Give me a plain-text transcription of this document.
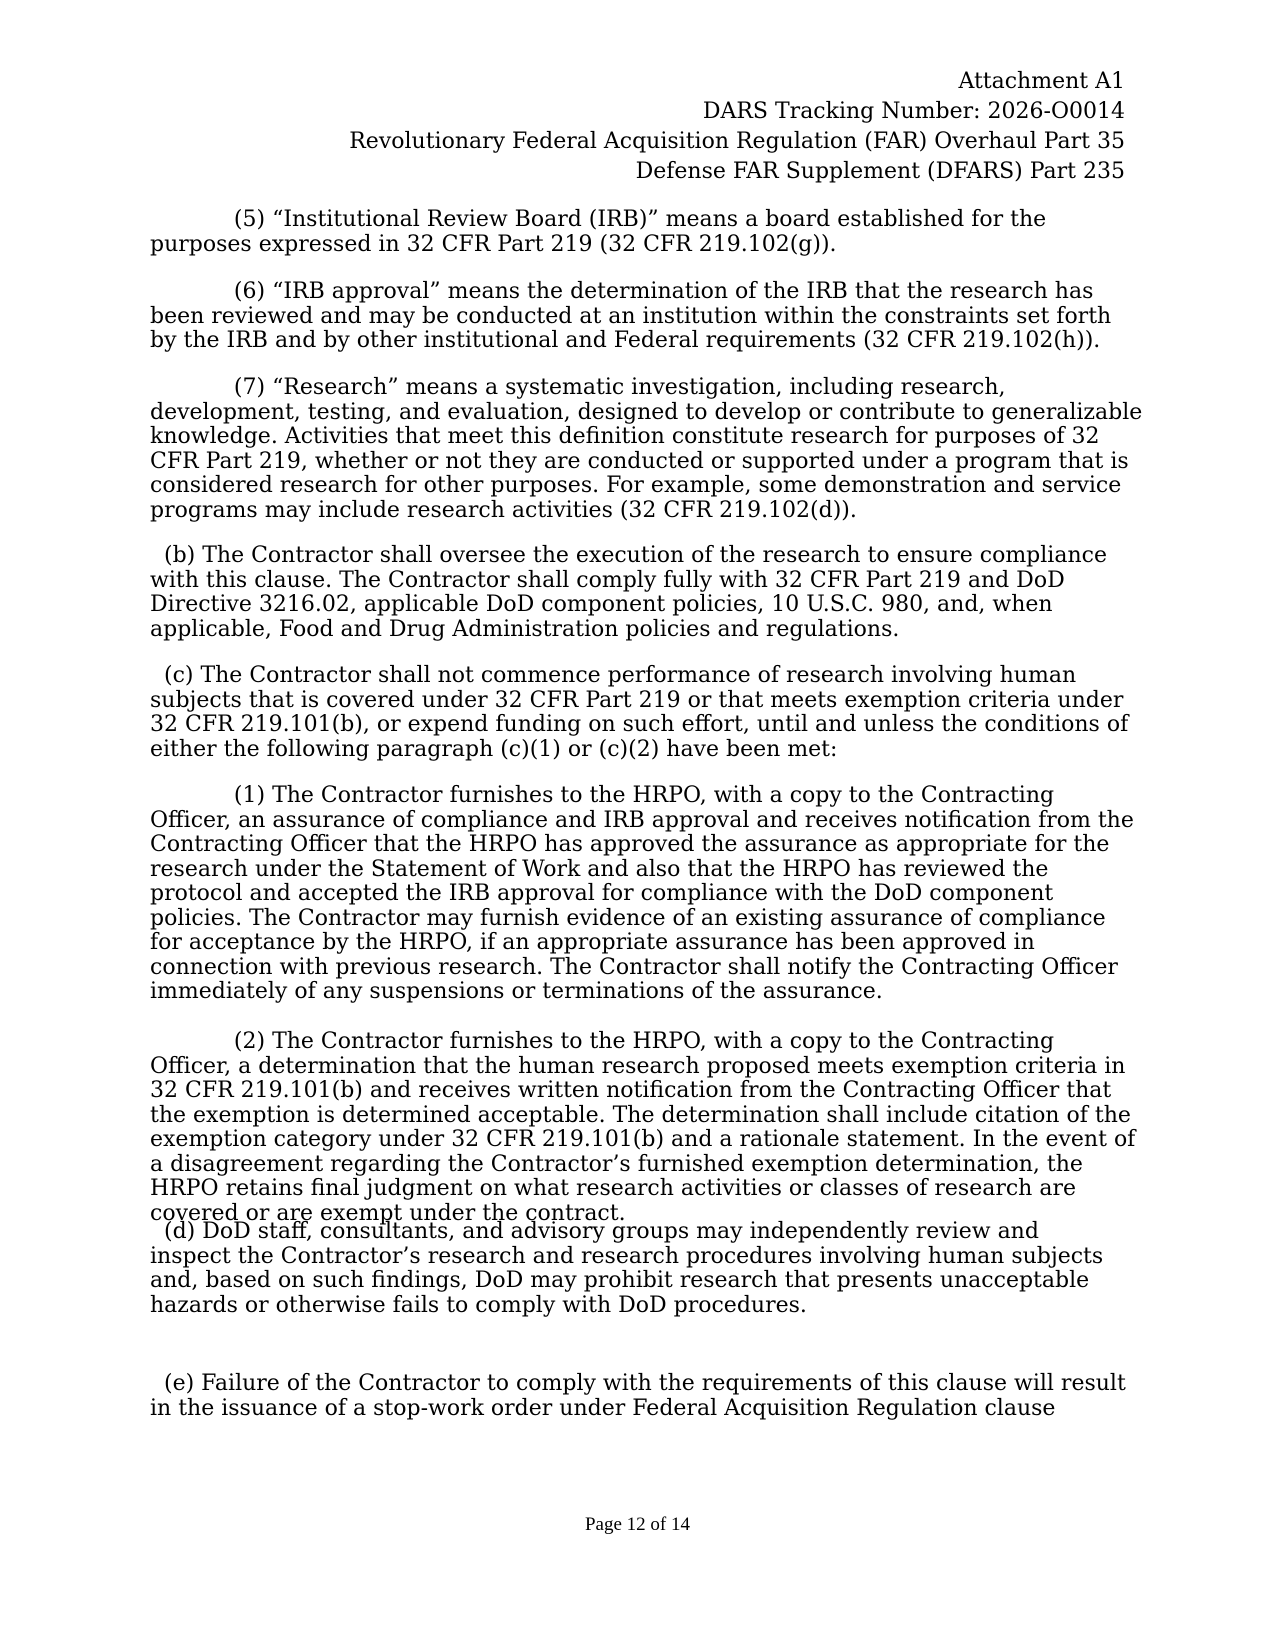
Attachment A1
DARS Tracking Number: 2026-O0014
Revolutionary Federal Acquisition Regulation (FAR) Overhaul Part 35
Defense FAR Supplement (DFARS) Part 235
(5) “Institutional Review Board (IRB)” means a board established for the
purposes expressed in 32 CFR Part 219 (32 CFR 219.102(g)).
(6) “IRB approval” means the determination of the IRB that the research has
been reviewed and may be conducted at an institution within the constraints set forth
by the IRB and by other institutional and Federal requirements (32 CFR 219.102(h)).
(7) “Research” means a systematic investigation, including research,
development, testing, and evaluation, designed to develop or contribute to generalizable
knowledge. Activities that meet this definition constitute research for purposes of 32
CFR Part 219, whether or not they are conducted or supported under a program that is
considered research for other purposes. For example, some demonstration and service
programs may include research activities (32 CFR 219.102(d)).
(b) The Contractor shall oversee the execution of the research to ensure compliance
with this clause. The Contractor shall comply fully with 32 CFR Part 219 and DoD
Directive 3216.02, applicable DoD component policies, 10 U.S.C. 980, and, when
applicable, Food and Drug Administration policies and regulations.
(c) The Contractor shall not commence performance of research involving human
subjects that is covered under 32 CFR Part 219 or that meets exemption criteria under
32 CFR 219.101(b), or expend funding on such effort, until and unless the conditions of
either the following paragraph (c)(1) or (c)(2) have been met:
(1) The Contractor furnishes to the HRPO, with a copy to the Contracting
Officer, an assurance of compliance and IRB approval and receives notification from the
Contracting Officer that the HRPO has approved the assurance as appropriate for the
research under the Statement of Work and also that the HRPO has reviewed the
protocol and accepted the IRB approval for compliance with the DoD component
policies. The Contractor may furnish evidence of an existing assurance of compliance
for acceptance by the HRPO, if an appropriate assurance has been approved in
connection with previous research. The Contractor shall notify the Contracting Officer
immediately of any suspensions or terminations of the assurance.
(2) The Contractor furnishes to the HRPO, with a copy to the Contracting
Officer, a determination that the human research proposed meets exemption criteria in
32 CFR 219.101(b) and receives written notification from the Contracting Officer that
the exemption is determined acceptable. The determination shall include citation of the
exemption category under 32 CFR 219.101(b) and a rationale statement. In the event of
a disagreement regarding the Contractor’s furnished exemption determination, the
HRPO retains final judgment on what research activities or classes of research are
covered or are exempt under the contract.
(d) DoD staff, consultants, and advisory groups may independently review and
inspect the Contractor’s research and research procedures involving human subjects
and, based on such findings, DoD may prohibit research that presents unacceptable
hazards or otherwise fails to comply with DoD procedures.
(e) Failure of the Contractor to comply with the requirements of this clause will result
in the issuance of a stop-work order under Federal Acquisition Regulation clause
Page 12 of 14
